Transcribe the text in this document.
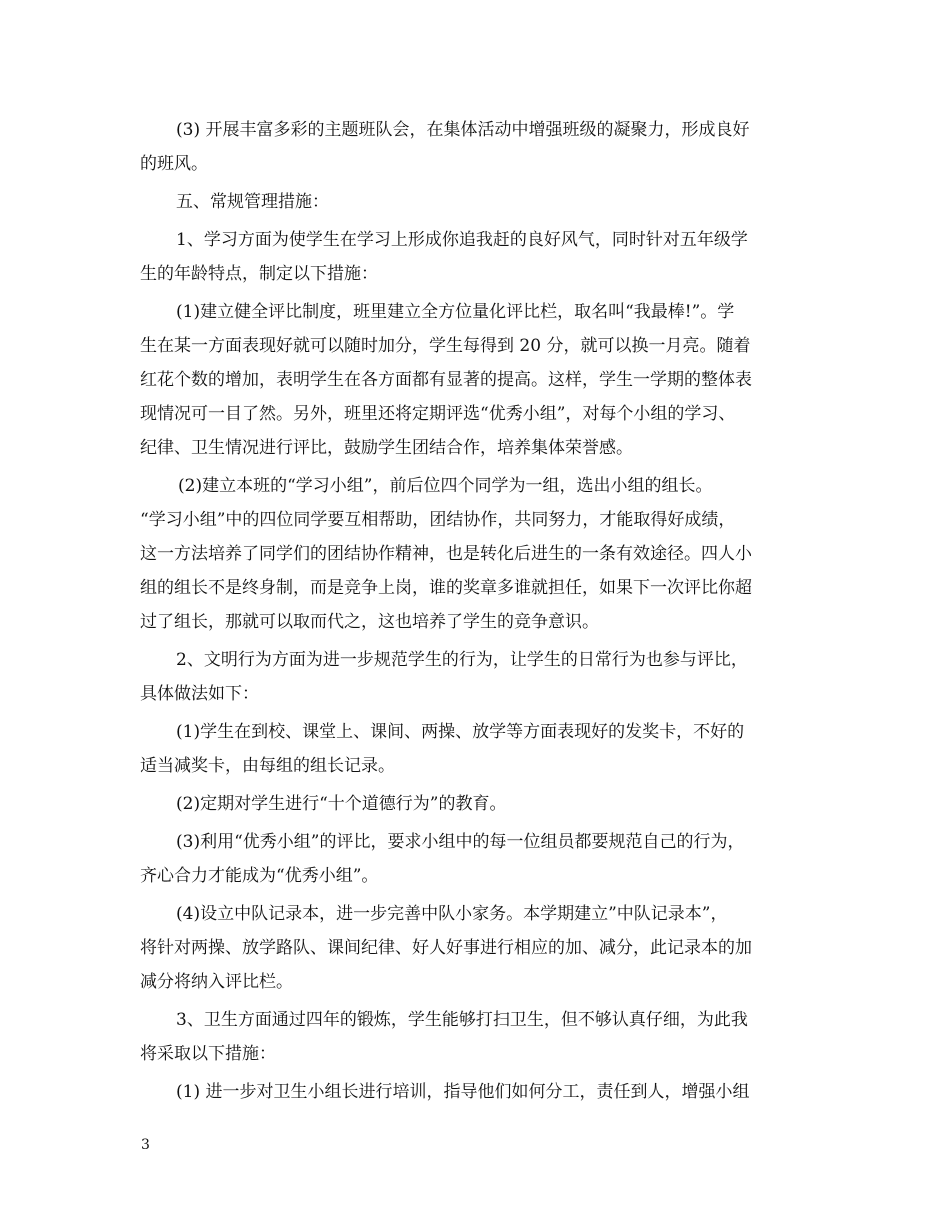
(3) 开展丰富多彩的主题班队会，在集体活动中增强班级的凝聚力，形成良好
的班风。
五、常规管理措施：
1、学习方面为使学生在学习上形成你追我赶的良好风气，同时针对五年级学
生的年龄特点，制定以下措施：
(1)建立健全评比制度，班里建立全方位量化评比栏，取名叫“我最棒!”。学
生在某一方面表现好就可以随时加分，学生每得到 20 分，就可以换一月亮。随着
红花个数的增加，表明学生在各方面都有显著的提高。这样，学生一学期的整体表
现情况可一目了然。另外，班里还将定期评选“优秀小组”，对每个小组的学习、
纪律、卫生情况进行评比，鼓励学生团结合作，培养集体荣誉感。
(2)建立本班的“学习小组”，前后位四个同学为一组，选出小组的组长。
“学习小组”中的四位同学要互相帮助，团结协作，共同努力，才能取得好成绩，
这一方法培养了同学们的团结协作精神，也是转化后进生的一条有效途径。四人小
组的组长不是终身制，而是竞争上岗，谁的奖章多谁就担任，如果下一次评比你超
过了组长，那就可以取而代之，这也培养了学生的竞争意识。
2、文明行为方面为进一步规范学生的行为，让学生的日常行为也参与评比，
具体做法如下：
(1)学生在到校、课堂上、课间、两操、放学等方面表现好的发奖卡，不好的
适当减奖卡，由每组的组长记录。
(2)定期对学生进行“十个道德行为”的教育。
(3)利用“优秀小组”的评比，要求小组中的每一位组员都要规范自己的行为，
齐心合力才能成为“优秀小组”。
(4)设立中队记录本，进一步完善中队小家务。本学期建立”中队记录本”，
将针对两操、放学路队、课间纪律、好人好事进行相应的加、减分，此记录本的加
减分将纳入评比栏。
3、卫生方面通过四年的锻炼，学生能够打扫卫生，但不够认真仔细，为此我
将采取以下措施：
(1) 进一步对卫生小组长进行培训，指导他们如何分工，责任到人，增强小组
3
